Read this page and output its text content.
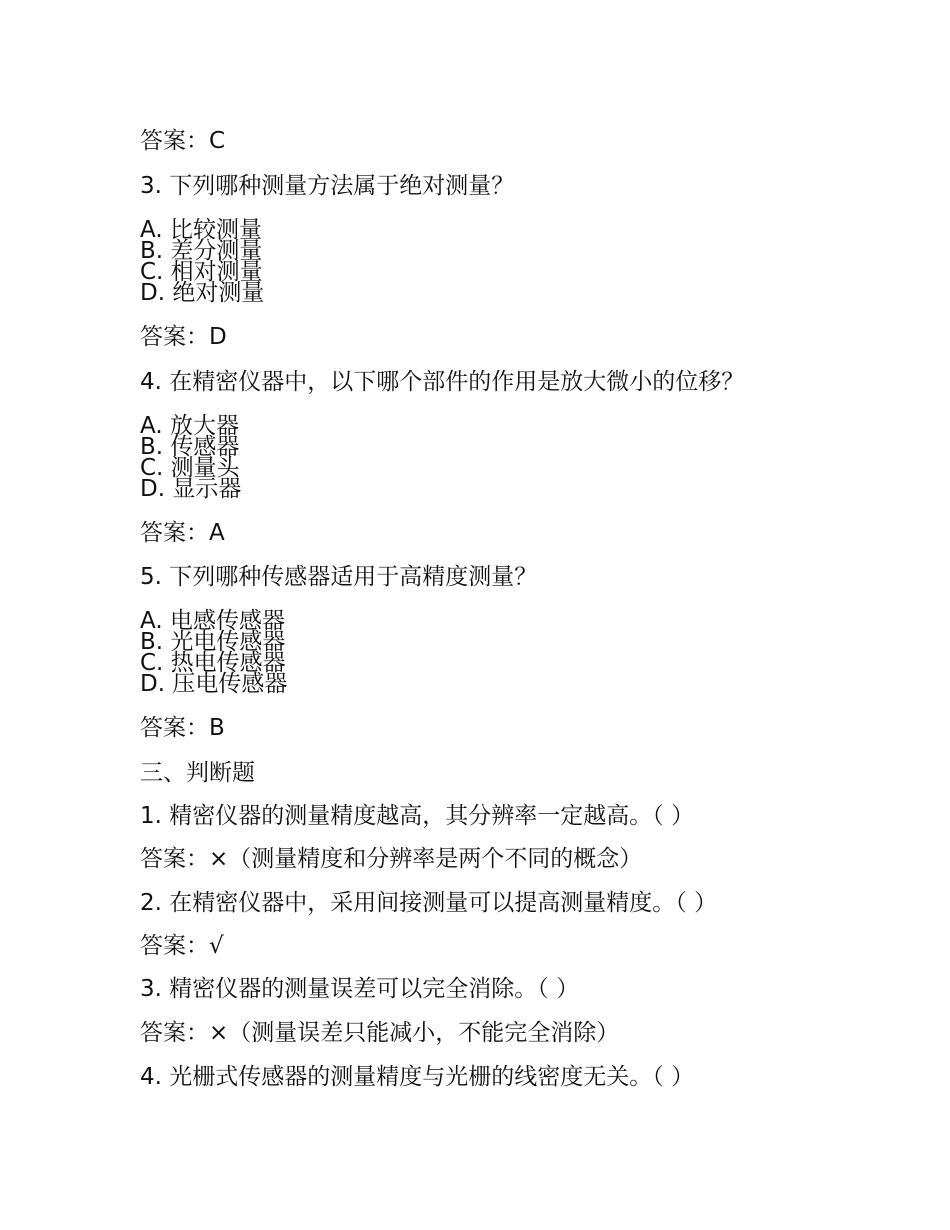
答案：C
3. 下列哪种测量方法属于绝对测量？
A. 比较测量
B. 差分测量
C. 相对测量
D. 绝对测量
答案：D
4. 在精密仪器中，以下哪个部件的作用是放大微小的位移？
A. 放大器
B. 传感器
C. 测量头
D. 显示器
答案：A
5. 下列哪种传感器适用于高精度测量？
A. 电感传感器
B. 光电传感器
C. 热电传感器
D. 压电传感器
答案：B
三、判断题
1. 精密仪器的测量精度越高，其分辨率一定越高。（ ）
答案：×（测量精度和分辨率是两个不同的概念）
2. 在精密仪器中，采用间接测量可以提高测量精度。（ ）
答案：√
3. 精密仪器的测量误差可以完全消除。（ ）
答案：×（测量误差只能减小，不能完全消除）
4. 光栅式传感器的测量精度与光栅的线密度无关。（ ）
